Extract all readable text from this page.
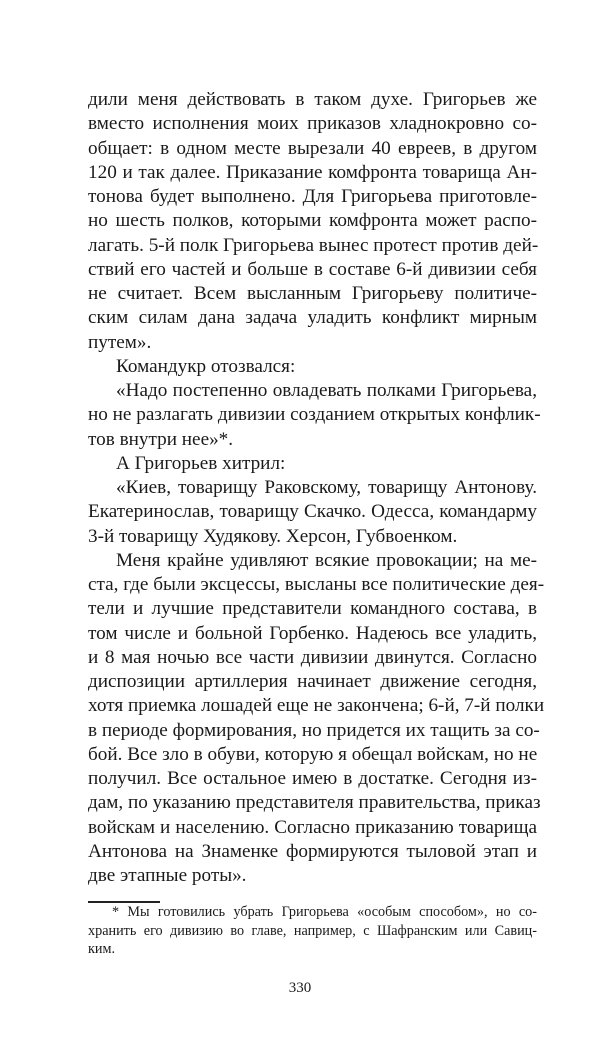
дили меня действовать в таком духе. Григорьев же
вместо исполнения моих приказов хладнокровно со-
общает: в одном месте вырезали 40 евреев, в другом
120 и так далее. Приказание комфронта товарища Ан-
тонова будет выполнено. Для Григорьева приготовле-
но шесть полков, которыми комфронта может распо-
лагать. 5-й полк Григорьева вынес протест против дей-
ствий его частей и больше в составе 6-й дивизии себя
не считает. Всем высланным Григорьеву политиче-
ским силам дана задача уладить конфликт мирным
путем».
Командукр отозвался:
«Надо постепенно овладевать полками Григорьева,
но не разлагать дивизии созданием открытых конфлик-
тов внутри нее»*.
А Григорьев хитрил:
«Киев, товарищу Раковскому, товарищу Антонову.
Екатеринослав, товарищу Скачко. Одесса, командарму
3-й товарищу Худякову. Херсон, Губвоенком.
Меня крайне удивляют всякие провокации; на ме-
ста, где были эксцессы, высланы все политические дея-
тели и лучшие представители командного состава, в
том числе и больной Горбенко. Надеюсь все уладить,
и 8 мая ночью все части дивизии двинутся. Согласно
диспозиции артиллерия начинает движение сегодня,
хотя приемка лошадей еще не закончена; 6-й, 7-й полки
в периоде формирования, но придется их тащить за со-
бой. Все зло в обуви, которую я обещал войскам, но не
получил. Все остальное имею в достатке. Сегодня из-
дам, по указанию представителя правительства, приказ
войскам и населению. Согласно приказанию товарища
Антонова на Знаменке формируются тыловой этап и
две этапные роты».
* Мы готовились убрать Григорьева «особым способом», но со-
хранить его дивизию во главе, например, с Шафранским или Савиц-
ким.
330
